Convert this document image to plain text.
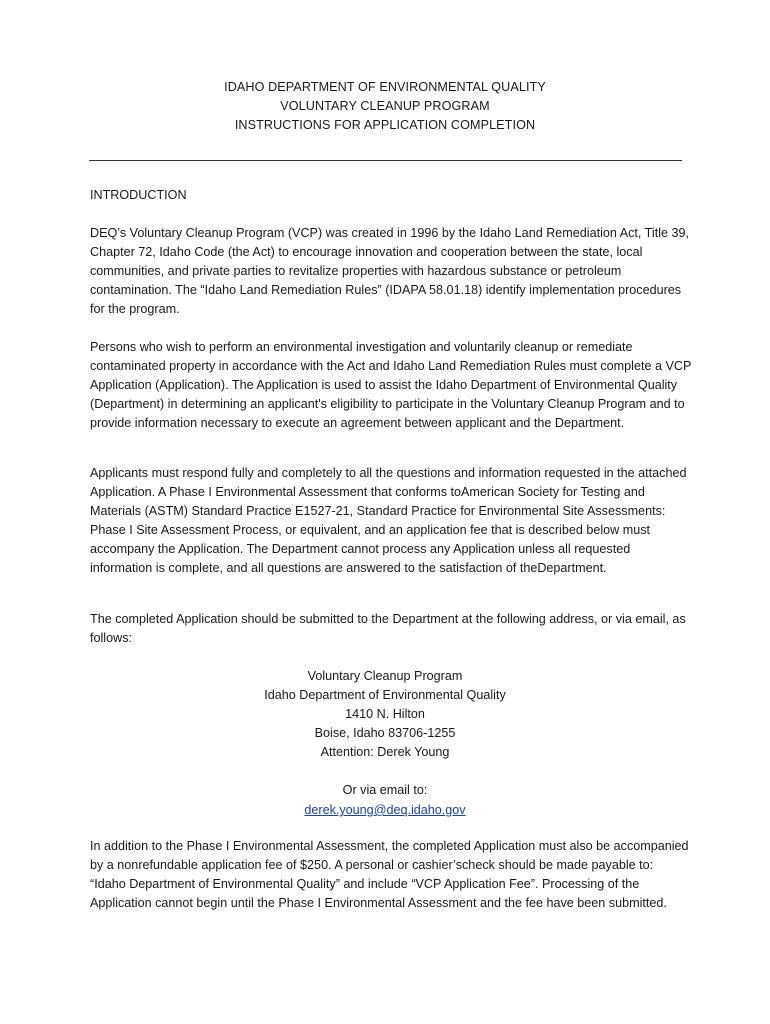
IDAHO DEPARTMENT OF ENVIRONMENTAL QUALITY
VOLUNTARY CLEANUP PROGRAM
INSTRUCTIONS FOR APPLICATION COMPLETION
INTRODUCTION

DEQ’s Voluntary Cleanup Program (VCP) was created in 1996 by the Idaho Land Remediation Act, Title 39, Chapter 72, Idaho Code (the Act) to encourage innovation and cooperation between the state, local communities, and private parties to revitalize properties with hazardous substance or petroleum contamination. The “Idaho Land Remediation Rules” (IDAPA 58.01.18) identify implementation procedures for the program.

Persons who wish to perform an environmental investigation and voluntarily cleanup or remediate contaminated property in accordance with the Act and Idaho Land Remediation Rules must complete a VCP Application (Application). The Application is used to assist the Idaho Department of Environmental Quality (Department) in determining an applicant's eligibility to participate in the Voluntary Cleanup Program and to provide information necessary to execute an agreement between applicant and the Department.

Applicants must respond fully and completely to all the questions and information requested in the attached Application. A Phase I Environmental Assessment that conforms toAmerican Society for Testing and Materials (ASTM) Standard Practice E1527-21, Standard Practice for Environmental Site Assessments: Phase I Site Assessment Process, or equivalent, and an application fee that is described below must accompany the Application. The Department cannot process any Application unless all requested information is complete, and all questions are answered to the satisfaction of theDepartment.

The completed Application should be submitted to the Department at the following address, or via email, as follows:

Voluntary Cleanup Program
Idaho Department of Environmental Quality
1410 N. Hilton
Boise, Idaho 83706-1255
Attention: Derek Young
Or via email to:
derek.young@deq.idaho.gov

In addition to the Phase I Environmental Assessment, the completed Application must also be accompanied by a nonrefundable application fee of $250. A personal or cashier’scheck should be made payable to: “Idaho Department of Environmental Quality” and include “VCP Application Fee”. Processing of the Application cannot begin until the Phase I Environmental Assessment and the fee have been submitted.
